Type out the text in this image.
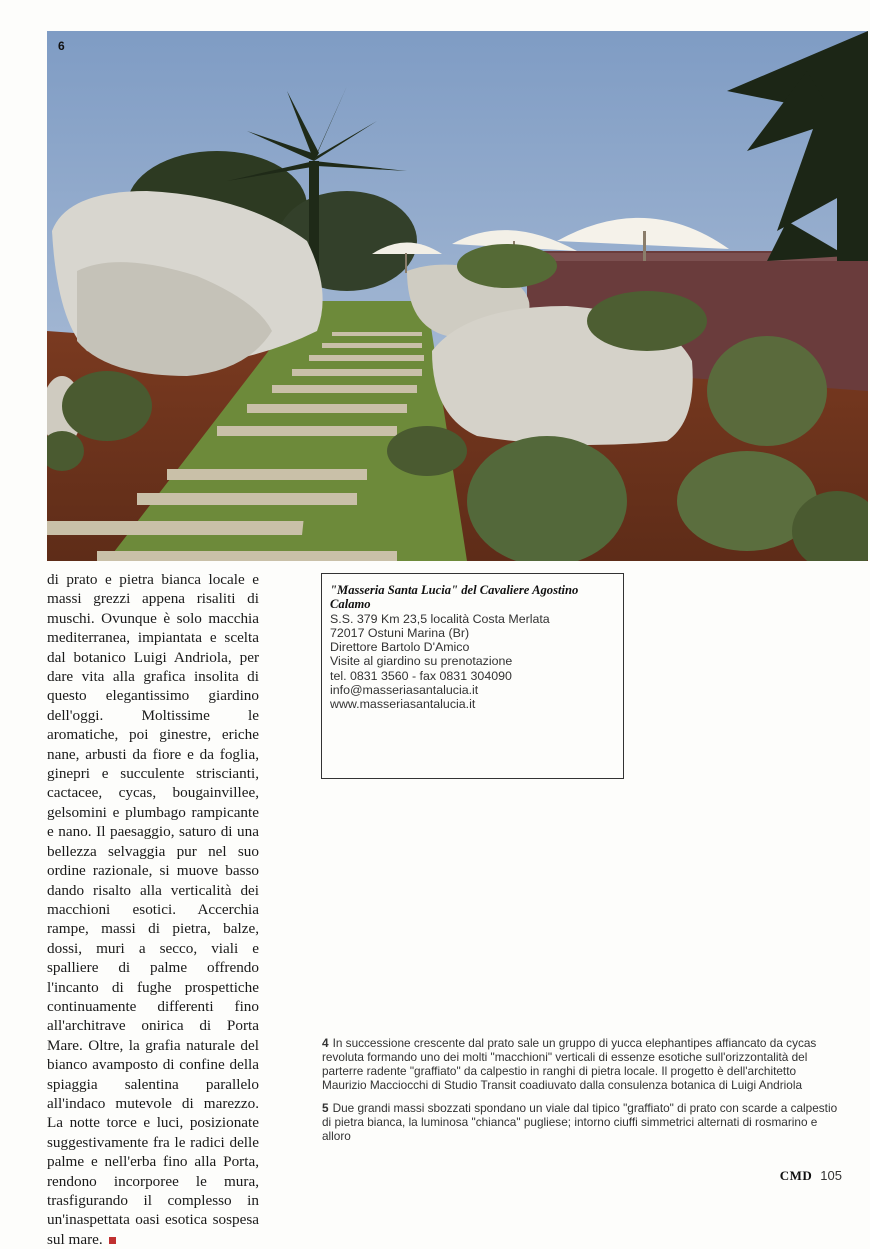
6

di prato e pietra bianca locale e massi grezzi appena risaliti di muschi. Ovunque è solo macchia mediterranea, impiantata e scelta dal botanico Luigi Andriola, per dare vita alla grafica insolita di questo elegantissimo giardino dell'oggi. Moltissime le aromatiche, poi ginestre, eriche nane, arbusti da fiore e da foglia, ginepri e succulente striscianti, cactacee, cycas, bougainvillee, gelsomini e plumbago rampicante e nano. Il paesaggio, saturo di una bellezza selvaggia pur nel suo ordine razionale, si muove basso dando risalto alla verticalità dei macchioni esotici. Accerchia rampe, massi di pietra, balze, dossi, muri a secco, viali e spalliere di palme offrendo l'incanto di fughe prospettiche continuamente differenti fino all'architrave onirica di Porta Mare. Oltre, la grafia naturale del bianco avamposto di confine della spiaggia salentina parallelo all'indaco mutevole di marezzo. La notte torce e luci, posizionate suggestivamente fra le radici delle palme e nell'erba fino alla Porta, rendono incorporee le mura, trasfigurando il complesso in un'inaspettata oasi esotica sospesa sul mare.

"Masseria Santa Lucia" del Cavaliere Agostino Calamo
S.S. 379 Km 23,5 località Costa Merlata
72017 Ostuni Marina (Br)
Direttore Bartolo D'Amico
Visite al giardino su prenotazione
tel. 0831 3560 - fax 0831 304090
info@masseriasantalucia.it
www.masseriasantalucia.it

4 In successione crescente dal prato sale un gruppo di yucca elephantipes affiancato da cycas revoluta formando uno dei molti "macchioni" verticali di essenze esotiche sull'orizzontalità del parterre radente "graffiato" da calpestio in ranghi di pietra locale. Il progetto è dell'architetto Maurizio Macciocchi di Studio Transit coadiuvato dalla consulenza botanica di Luigi Andriola

5 Due grandi massi sbozzati spondano un viale dal tipico "graffiato" di prato con scarde a calpestio di pietra bianca, la luminosa "chianca" pugliese; intorno ciuffi simmetrici alternati di rosmarino e alloro

CMD 105
